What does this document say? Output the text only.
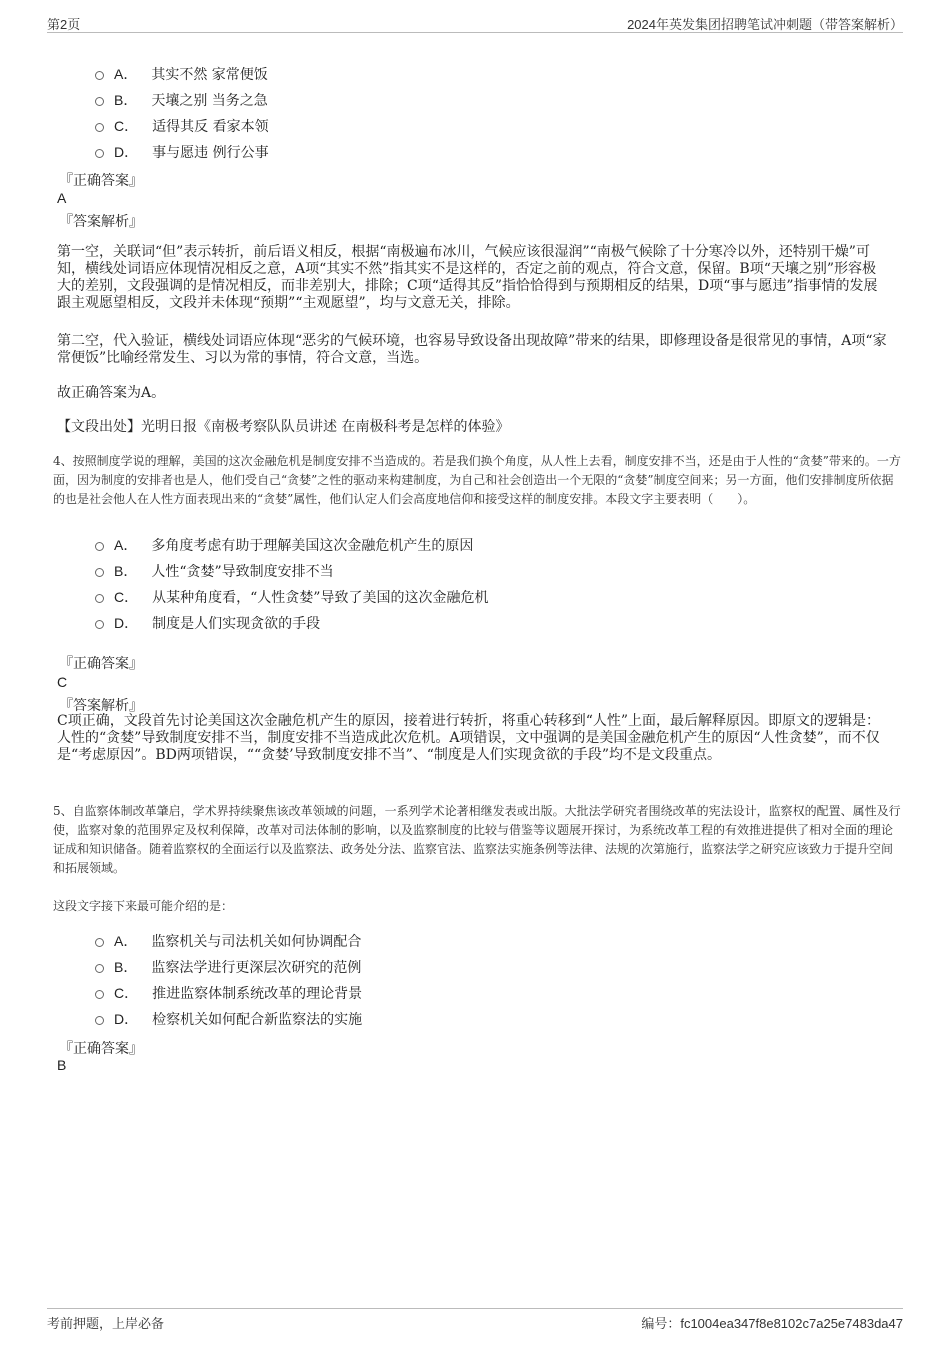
第2页	2024年英发集团招聘笔试冲刺题（带答案解析）
A． 其实不然 家常便饭
B． 天壤之别 当务之急
C． 适得其反 看家本领
D． 事与愿违 例行公事
『正确答案』
A
『答案解析』
第一空，关联词“但”表示转折，前后语义相反，根据“南极遍布冰川，气候应该很湿润”“南极气候除了十分寒冷以外，还特别干燥”可知，横线处词语应体现情况相反之意，A项“其实不然”指其实不是这样的，否定之前的观点，符合文意，保留。B项“天壤之别”形容极大的差别，文段强调的是情况相反，而非差别大，排除；C项“适得其反”指恰恰得到与预期相反的结果，D项“事与愿违”指事情的发展跟主观愿望相反，文段并未体现“预期”“主观愿望”，均与文意无关，排除。
第二空，代入验证，横线处词语应体现“恶劣的气候环境，也容易导致设备出现故障”带来的结果，即修理设备是很常见的事情，A项“家常便饭”比喻经常发生、习以为常的事情，符合文意，当选。
故正确答案为A。
【文段出处】光明日报《南极考察队队员讲述 在南极科考是怎样的体验》
4、按照制度学说的理解，美国的这次金融危机是制度安排不当造成的。若是我们换个角度，从人性上去看，制度安排不当，还是由于人性的“贪婪”带来的。一方面，因为制度的安排者也是人，他们受自己“贪婪”之性的驱动来构建制度，为自己和社会创造出一个无限的“贪婪”制度空间来；另一方面，他们安排制度所依据的也是社会他人在人性方面表现出来的“贪婪”属性，他们认定人们会高度地信仰和接受这样的制度安排。本段文字主要表明（　　）。
A． 多角度考虑有助于理解美国这次金融危机产生的原因
B． 人性“贪婪”导致制度安排不当
C． 从某种角度看，“人性贪婪”导致了美国的这次金融危机
D． 制度是人们实现贪欲的手段
『正确答案』
C
『答案解析』
C项正确，文段首先讨论美国这次金融危机产生的原因，接着进行转折，将重心转移到“人性”上面，最后解释原因。即原文的逻辑是：人性的“贪婪”导致制度安排不当，制度安排不当造成此次危机。A项错误，文中强调的是美国金融危机产生的原因“人性贪婪”，而不仅是“考虑原因”。BD两项错误，““贪婪’导致制度安排不当”、“制度是人们实现贪欲的手段”均不是文段重点。
5、自监察体制改革肇启，学术界持续聚焦该改革领域的问题，一系列学术论著相继发表或出版。大批法学研究者围绕改革的宪法设计，监察权的配置、属性及行使，监察对象的范围界定及权利保障，改革对司法体制的影响，以及监察制度的比较与借鉴等议题展开探讨，为系统改革工程的有效推进提供了相对全面的理论证成和知识储备。随着监察权的全面运行以及监察法、政务处分法、监察官法、监察法实施条例等法律、法规的次第施行，监察法学之研究应该致力于提升空间和拓展领域。
这段文字接下来最可能介绍的是：
A． 监察机关与司法机关如何协调配合
B． 监察法学进行更深层次研究的范例
C． 推进监察体制系统改革的理论背景
D． 检察机关如何配合新监察法的实施
『正确答案』
B
考前押题，上岸必备	编号：fc1004ea347f8e8102c7a25e7483da47
